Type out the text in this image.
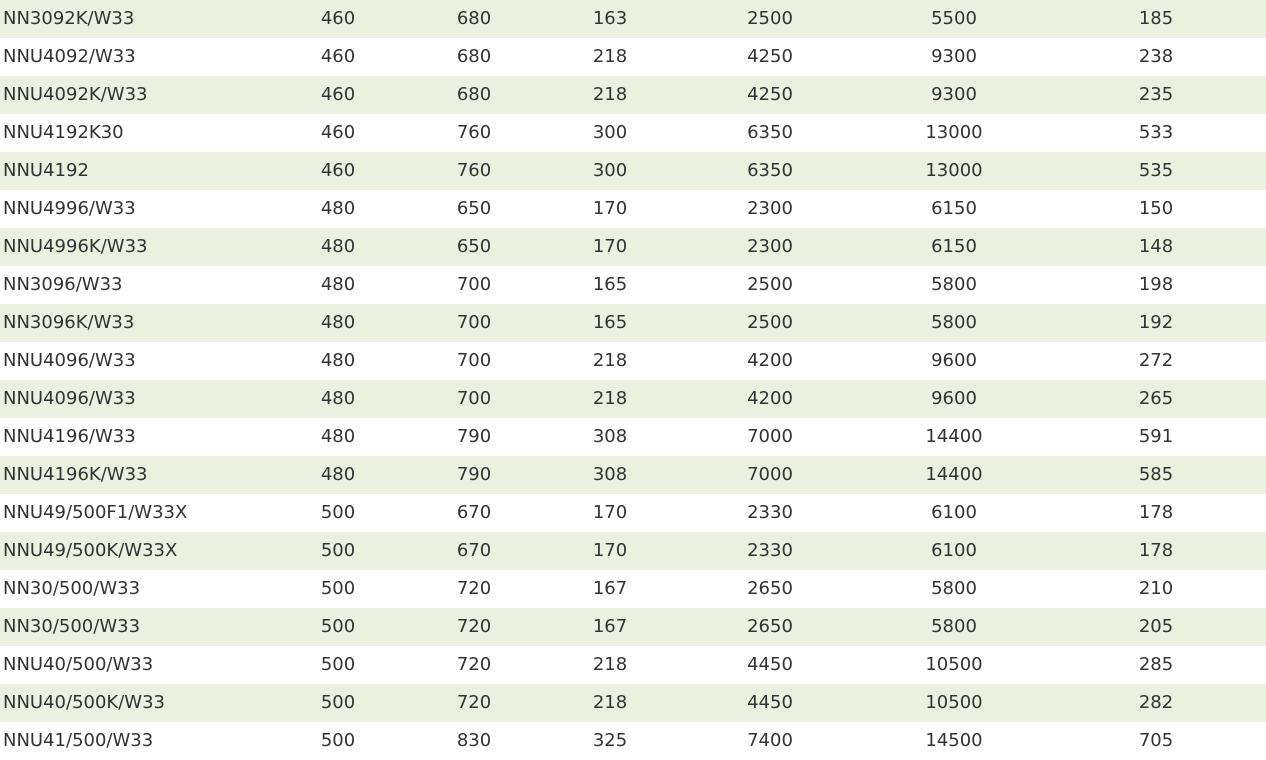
NN3092K/W33	460	680	163	2500	5500	185
NNU4092/W33	460	680	218	4250	9300	238
NNU4092K/W33	460	680	218	4250	9300	235
NNU4192K30	460	760	300	6350	13000	533
NNU4192	460	760	300	6350	13000	535
NNU4996/W33	480	650	170	2300	6150	150
NNU4996K/W33	480	650	170	2300	6150	148
NN3096/W33	480	700	165	2500	5800	198
NN3096K/W33	480	700	165	2500	5800	192
NNU4096/W33	480	700	218	4200	9600	272
NNU4096/W33	480	700	218	4200	9600	265
NNU4196/W33	480	790	308	7000	14400	591
NNU4196K/W33	480	790	308	7000	14400	585
NNU49/500F1/W33X	500	670	170	2330	6100	178
NNU49/500K/W33X	500	670	170	2330	6100	178
NN30/500/W33	500	720	167	2650	5800	210
NN30/500/W33	500	720	167	2650	5800	205
NNU40/500/W33	500	720	218	4450	10500	285
NNU40/500K/W33	500	720	218	4450	10500	282
NNU41/500/W33	500	830	325	7400	14500	705
